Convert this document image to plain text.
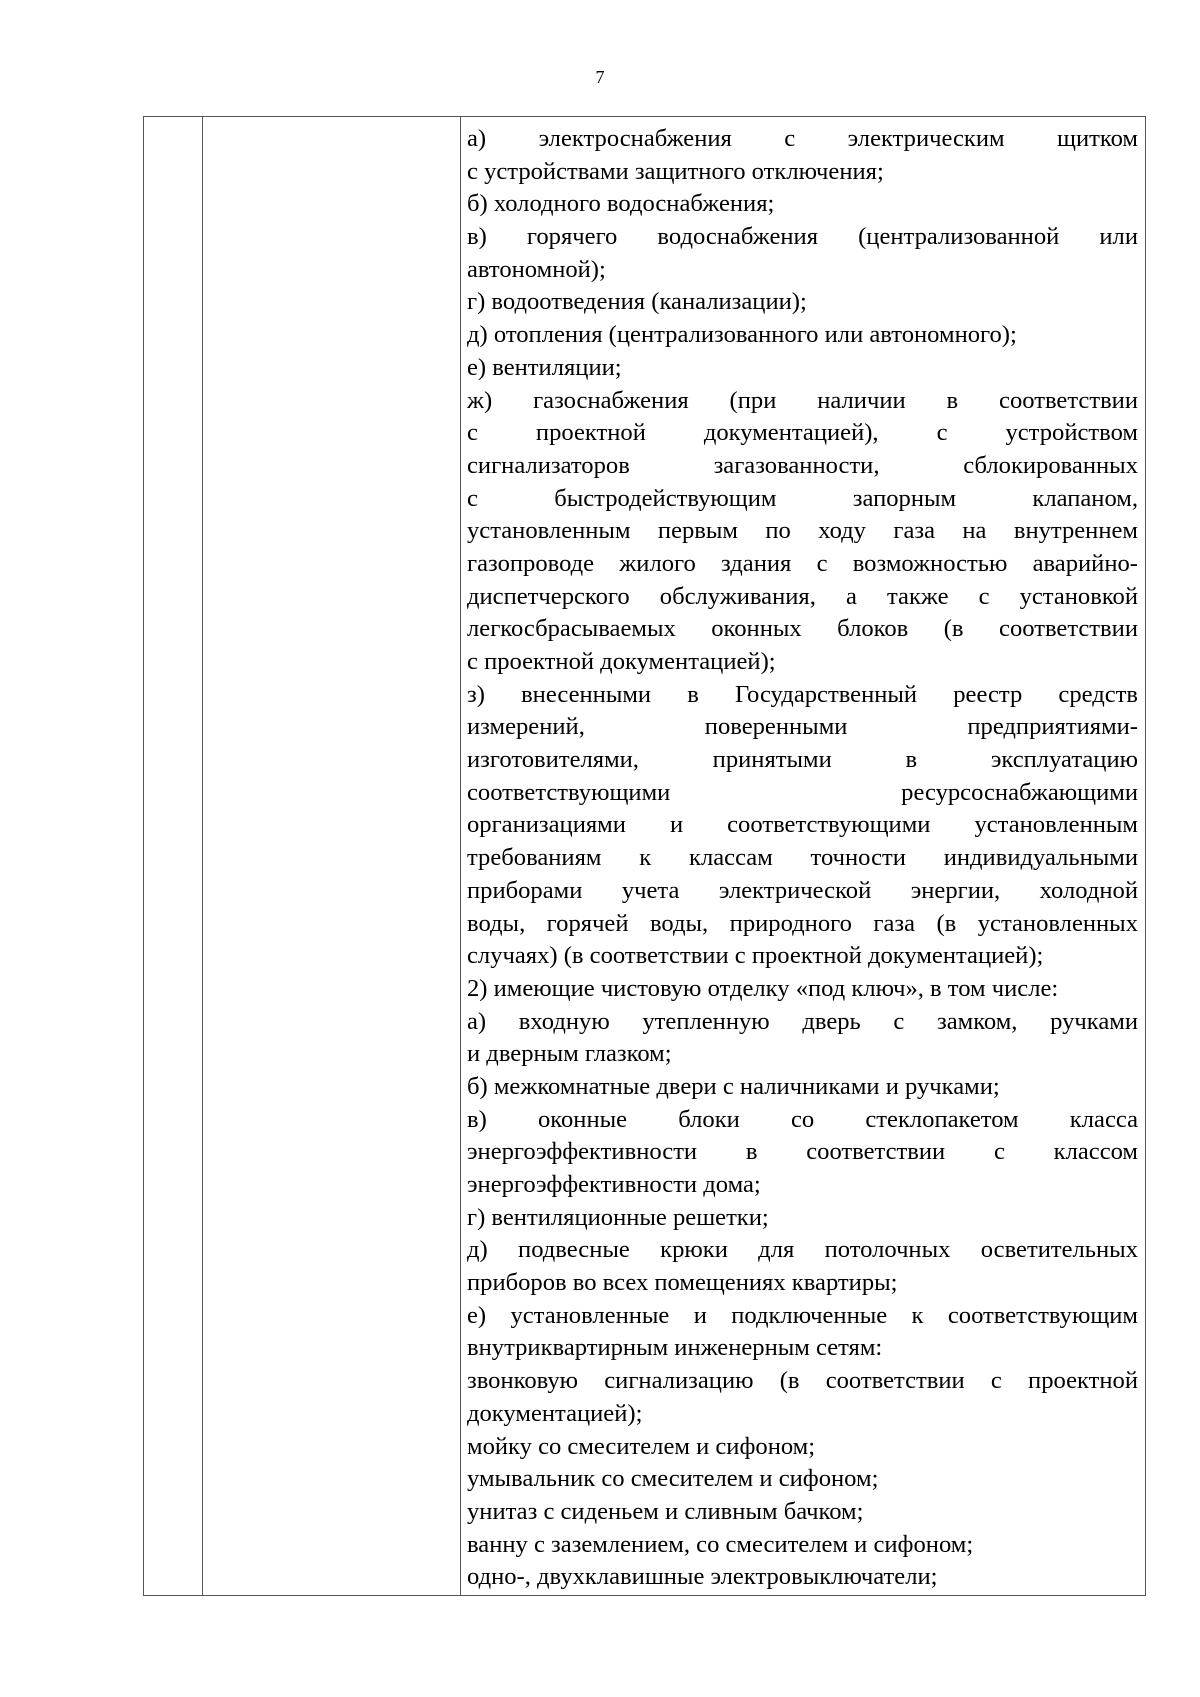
7
а) электроснабжения с электрическим щитком
с устройствами защитного отключения;
б) холодного водоснабжения;
в) горячего водоснабжения (централизованной или
автономной);
г) водоотведения (канализации);
д) отопления (централизованного или автономного);
е) вентиляции;
ж) газоснабжения (при наличии в соответствии
с проектной документацией), с устройством
сигнализаторов загазованности, сблокированных
с быстродействующим запорным клапаном,
установленным первым по ходу газа на внутреннем
газопроводе жилого здания с возможностью аварийно-
диспетчерского обслуживания, а также с установкой
легкосбрасываемых оконных блоков (в соответствии
с проектной документацией);
з) внесенными в Государственный реестр средств
измерений, поверенными предприятиями-
изготовителями, принятыми в эксплуатацию
соответствующими ресурсоснабжающими
организациями и соответствующими установленным
требованиям к классам точности индивидуальными
приборами учета электрической энергии, холодной
воды, горячей воды, природного газа (в установленных
случаях) (в соответствии с проектной документацией);
2) имеющие чистовую отделку «под ключ», в том числе:
а) входную утепленную дверь с замком, ручками
и дверным глазком;
б) межкомнатные двери с наличниками и ручками;
в) оконные блоки со стеклопакетом класса
энергоэффективности в соответствии с классом
энергоэффективности дома;
г) вентиляционные решетки;
д) подвесные крюки для потолочных осветительных
приборов во всех помещениях квартиры;
е) установленные и подключенные к соответствующим
внутриквартирным инженерным сетям:
звонковую сигнализацию (в соответствии с проектной
документацией);
мойку со смесителем и сифоном;
умывальник со смесителем и сифоном;
унитаз с сиденьем и сливным бачком;
ванну с заземлением, со смесителем и сифоном;
одно-, двухклавишные электровыключатели;
